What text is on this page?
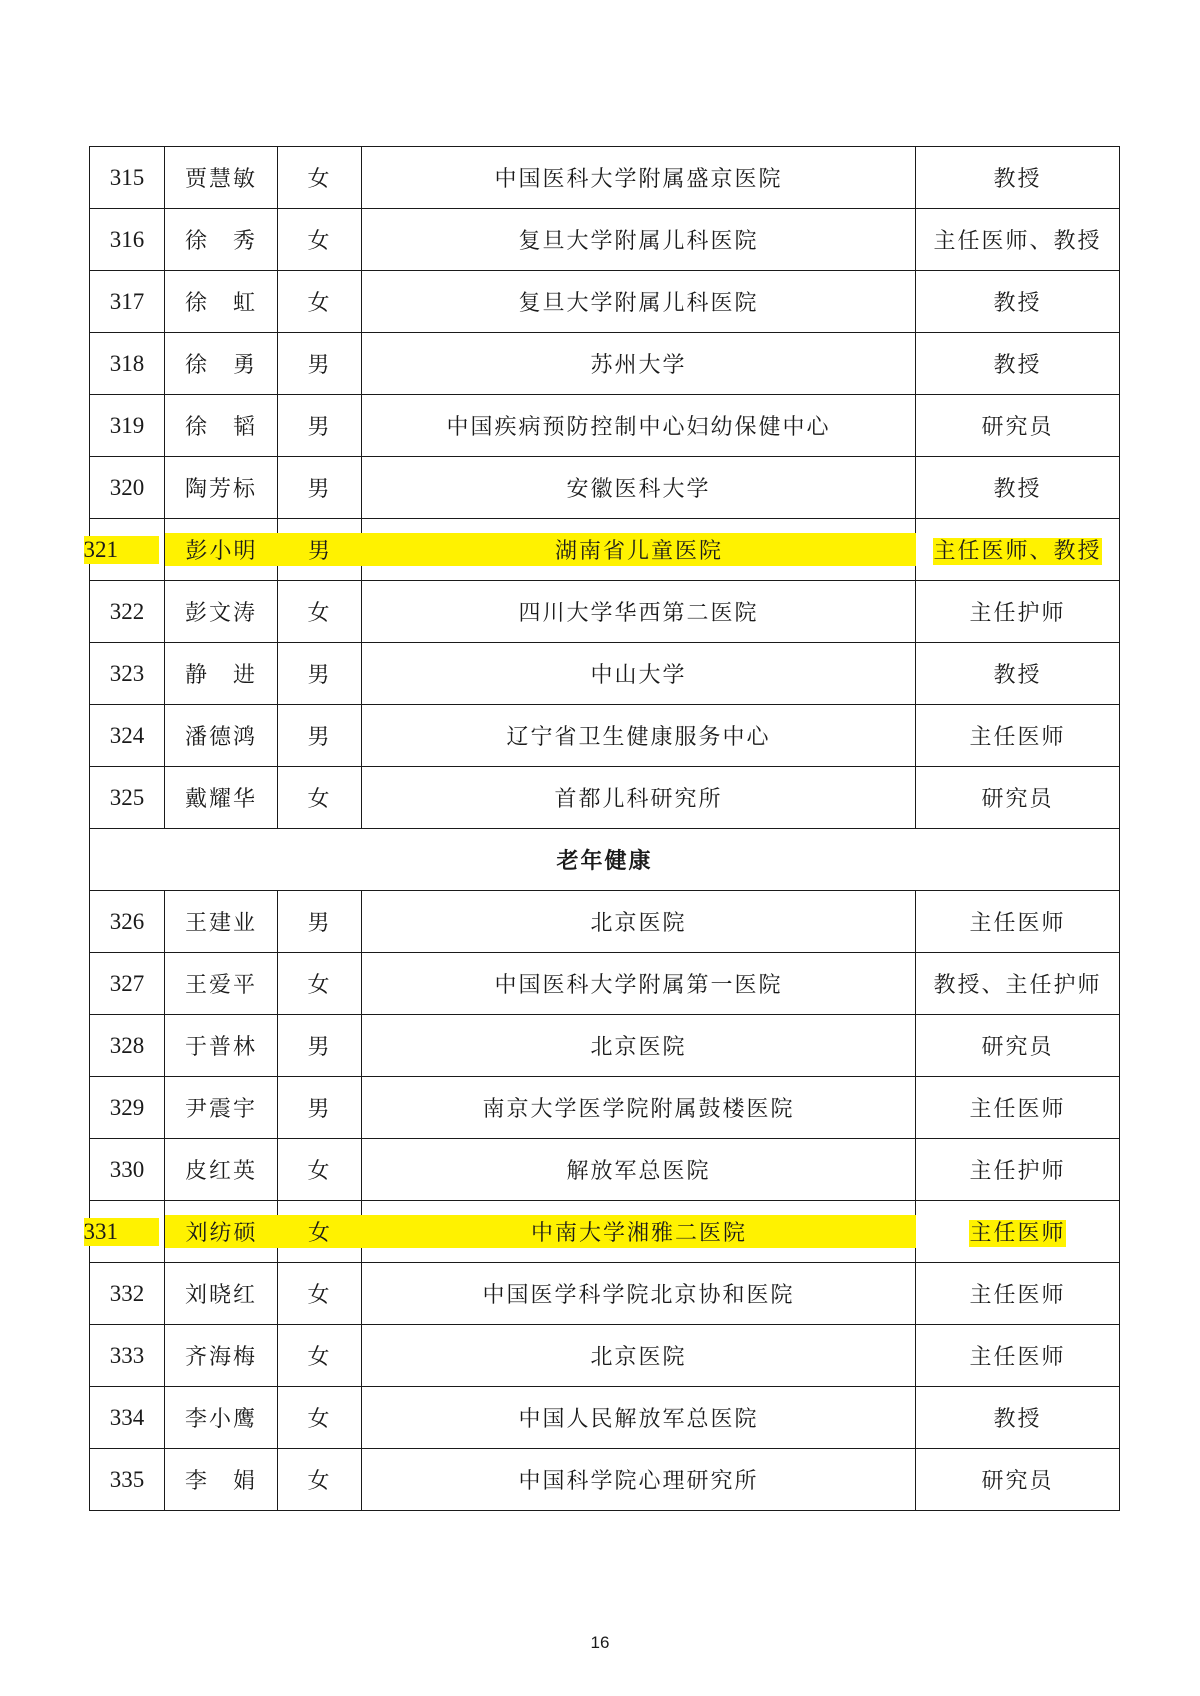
315	贾慧敏	女	中国医科大学附属盛京医院	教授
316	徐　秀	女	复旦大学附属儿科医院	主任医师、教授
317	徐　虹	女	复旦大学附属儿科医院	教授
318	徐　勇	男	苏州大学	教授
319	徐　韬	男	中国疾病预防控制中心妇幼保健中心	研究员
320	陶芳标	男	安徽医科大学	教授
321	彭小明	男	湖南省儿童医院	主任医师、教授
322	彭文涛	女	四川大学华西第二医院	主任护师
323	静　进	男	中山大学	教授
324	潘德鸿	男	辽宁省卫生健康服务中心	主任医师
325	戴耀华	女	首都儿科研究所	研究员
老年健康				
326	王建业	男	北京医院	主任医师
327	王爱平	女	中国医科大学附属第一医院	教授、主任护师
328	于普林	男	北京医院	研究员
329	尹震宇	男	南京大学医学院附属鼓楼医院	主任医师
330	皮红英	女	解放军总医院	主任护师
331	刘纺硕	女	中南大学湘雅二医院	主任医师
332	刘晓红	女	中国医学科学院北京协和医院	主任医师
333	齐海梅	女	北京医院	主任医师
334	李小鹰	女	中国人民解放军总医院	教授
335	李　娟	女	中国科学院心理研究所	研究员
16
